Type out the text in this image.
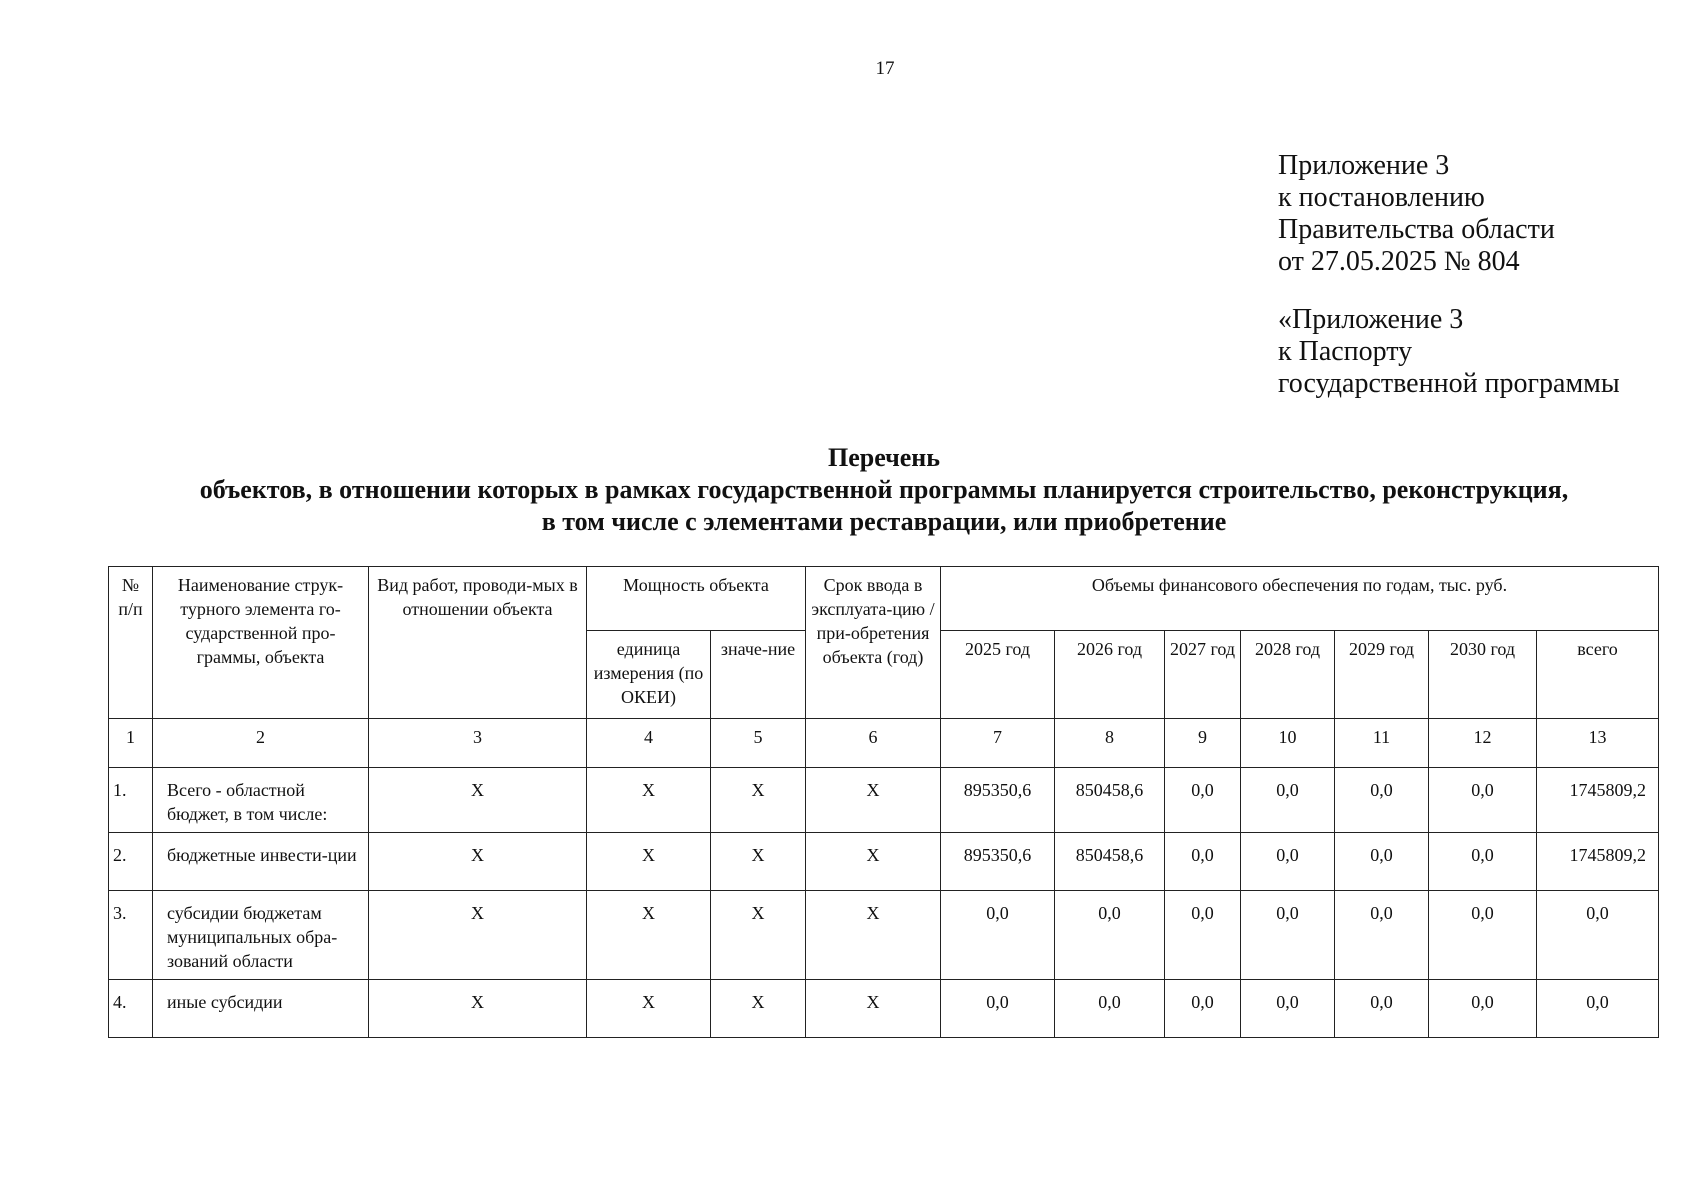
17
Приложение 3
к постановлению
Правительства области
от 27.05.2025 № 804
«Приложение 3
к Паспорту
государственной программы
Перечень
объектов, в отношении которых в рамках государственной программы планируется строительство, реконструкция,
в том числе с элементами реставрации, или приобретение
№ п/п	Наименование струк-турного элемента го-сударственной про-граммы, объекта	Вид работ, проводи-мых в отношении объекта	Мощность объекта		Срок ввода в эксплуата-цию / при-обретения объекта (год)	Объемы финансового обеспечения по годам, тыс. руб.						
			единица измерения (по ОКЕИ)	значе-ние		2025 год	2026 год	2027 год	2028 год	2029 год	2030 год	всего
1	2	3	4	5	6	7	8	9	10	11	12	13
1.	Всего - областной бюджет, в том числе:	Х	Х	Х	Х	895350,6	850458,6	0,0	0,0	0,0	0,0	1745809,2
2.	бюджетные инвести-ции	Х	Х	Х	Х	895350,6	850458,6	0,0	0,0	0,0	0,0	1745809,2
3.	субсидии бюджетам муниципальных обра-зований области	Х	Х	Х	Х	0,0	0,0	0,0	0,0	0,0	0,0	0,0
4.	иные субсидии	Х	Х	Х	Х	0,0	0,0	0,0	0,0	0,0	0,0	0,0
